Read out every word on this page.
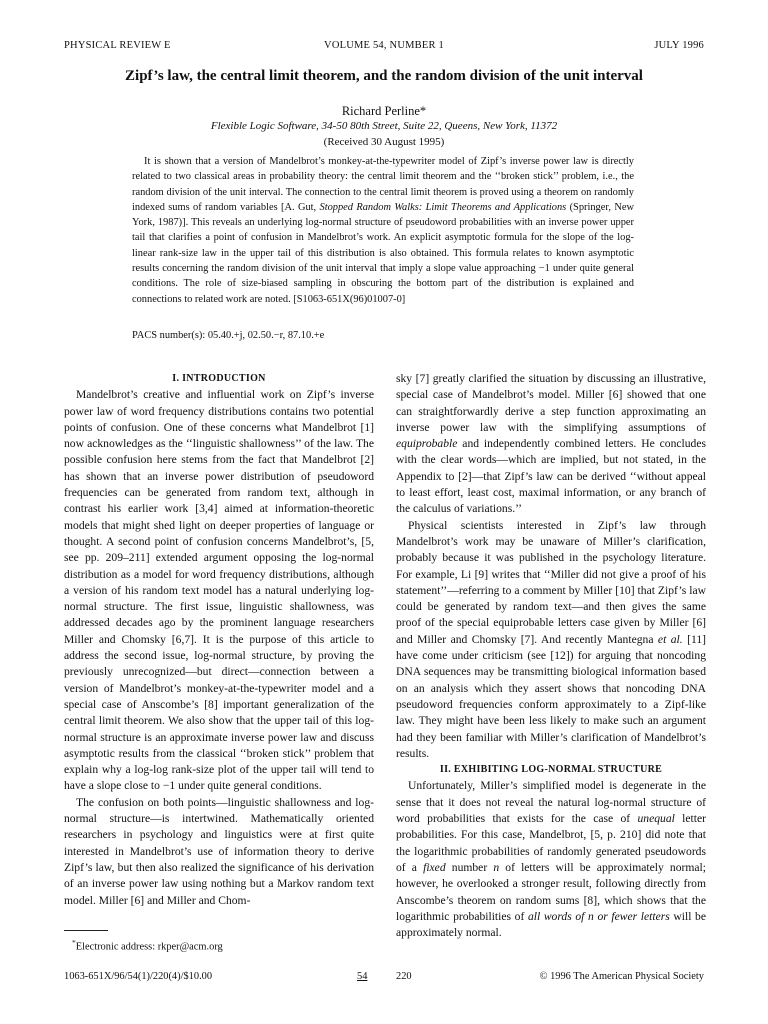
PHYSICAL REVIEW E	VOLUME 54, NUMBER 1	JULY 1996
Zipf’s law, the central limit theorem, and the random division of the unit interval
Richard Perline*
Flexible Logic Software, 34-50 80th Street, Suite 22, Queens, New York, 11372
(Received 30 August 1995)
It is shown that a version of Mandelbrot’s monkey-at-the-typewriter model of Zipf’s inverse power law is directly related to two classical areas in probability theory: the central limit theorem and the ‘‘broken stick’’ problem, i.e., the random division of the unit interval. The connection to the central limit theorem is proved using a theorem on randomly indexed sums of random variables [A. Gut, Stopped Random Walks: Limit Theorems and Applications (Springer, New York, 1987)]. This reveals an underlying log-normal structure of pseudoword probabilities with an inverse power upper tail that clarifies a point of confusion in Mandelbrot’s work. An explicit asymptotic formula for the slope of the log-linear rank-size law in the upper tail of this distribution is also obtained. This formula relates to known asymptotic results concerning the random division of the unit interval that imply a slope value approaching −1 under quite general conditions. The role of size-biased sampling in obscuring the bottom part of the distribution is explained and connections to related work are noted. [S1063-651X(96)01007-0]
PACS number(s): 05.40.+j, 02.50.−r, 87.10.+e

I. INTRODUCTION

Mandelbrot’s creative and influential work on Zipf’s inverse power law of word frequency distributions contains two potential points of confusion. One of these concerns what Mandelbrot [1] now acknowledges as the ‘‘linguistic shallowness’’ of the law. The possible confusion here stems from the fact that Mandelbrot [2] has shown that an inverse power distribution of pseudoword frequencies can be generated from random text, although in contrast his earlier work [3,4] aimed at information-theoretic models that might shed light on deeper properties of language or thought. A second point of confusion concerns Mandelbrot’s, [5, see pp. 209–211] extended argument opposing the log-normal distribution as a model for word frequency distributions, although a version of his random text model has a natural underlying log-normal structure. The first issue, linguistic shallowness, was addressed decades ago by the prominent language researchers Miller and Chomsky [6,7]. It is the purpose of this article to address the second issue, log-normal structure, by proving the previously unrecognized—but direct—connection between a version of Mandelbrot’s monkey-at-the-typewriter model and a special case of Anscombe’s [8] important generalization of the central limit theorem. We also show that the upper tail of this log-normal structure is an approximate inverse power law and discuss asymptotic results from the classical ‘‘broken stick’’ problem that explain why a log-log rank-size plot of the upper tail will tend to have a slope close to −1 under quite general conditions.

The confusion on both points—linguistic shallowness and log-normal structure—is intertwined. Mathematically oriented researchers in psychology and linguistics were at first quite interested in Mandelbrot’s use of information theory to derive Zipf’s law, but then also realized the significance of his derivation of an inverse power law using nothing but a Markov random text model. Miller [6] and Miller and Chom-

sky [7] greatly clarified the situation by discussing an illustrative, special case of Mandelbrot’s model. Miller [6] showed that one can straightforwardly derive a step function approximating an inverse power law with the simplifying assumptions of equiprobable and independently combined letters. He concludes with the clear words—which are implied, but not stated, in the Appendix to [2]—that Zipf’s law can be derived ‘‘without appeal to least effort, least cost, maximal information, or any branch of the calculus of variations.’’

Physical scientists interested in Zipf’s law through Mandelbrot’s work may be unaware of Miller’s clarification, probably because it was published in the psychology literature. For example, Li [9] writes that ‘‘Miller did not give a proof of his statement’’—referring to a comment by Miller [10] that Zipf’s law could be generated by random text—and then gives the same proof of the special equiprobable letters case given by Miller [6] and Miller and Chomsky [7]. And recently Mantegna et al. [11] have come under criticism (see [12]) for arguing that noncoding DNA sequences may be transmitting biological information based on an analysis which they assert shows that noncoding DNA pseudoword frequencies conform approximately to a Zipf-like law. They might have been less likely to make such an argument had they been familiar with Miller’s clarification of Mandelbrot’s results.

II. EXHIBITING LOG-NORMAL STRUCTURE

Unfortunately, Miller’s simplified model is degenerate in the sense that it does not reveal the natural log-normal structure of word probabilities that exists for the case of unequal letter probabilities. For this case, Mandelbrot, [5, p. 210] did note that the logarithmic probabilities of randomly generated pseudowords of a fixed number n of letters will be approximately normal; however, he overlooked a stronger result, following directly from Anscombe’s theorem on random sums [8], which shows that the logarithmic probabilities of all words of n or fewer letters will be approximately normal.

*Electronic address: rkper@acm.org
1063-651X/96/54(1)/220(4)/$10.00	54	220	© 1996 The American Physical Society
